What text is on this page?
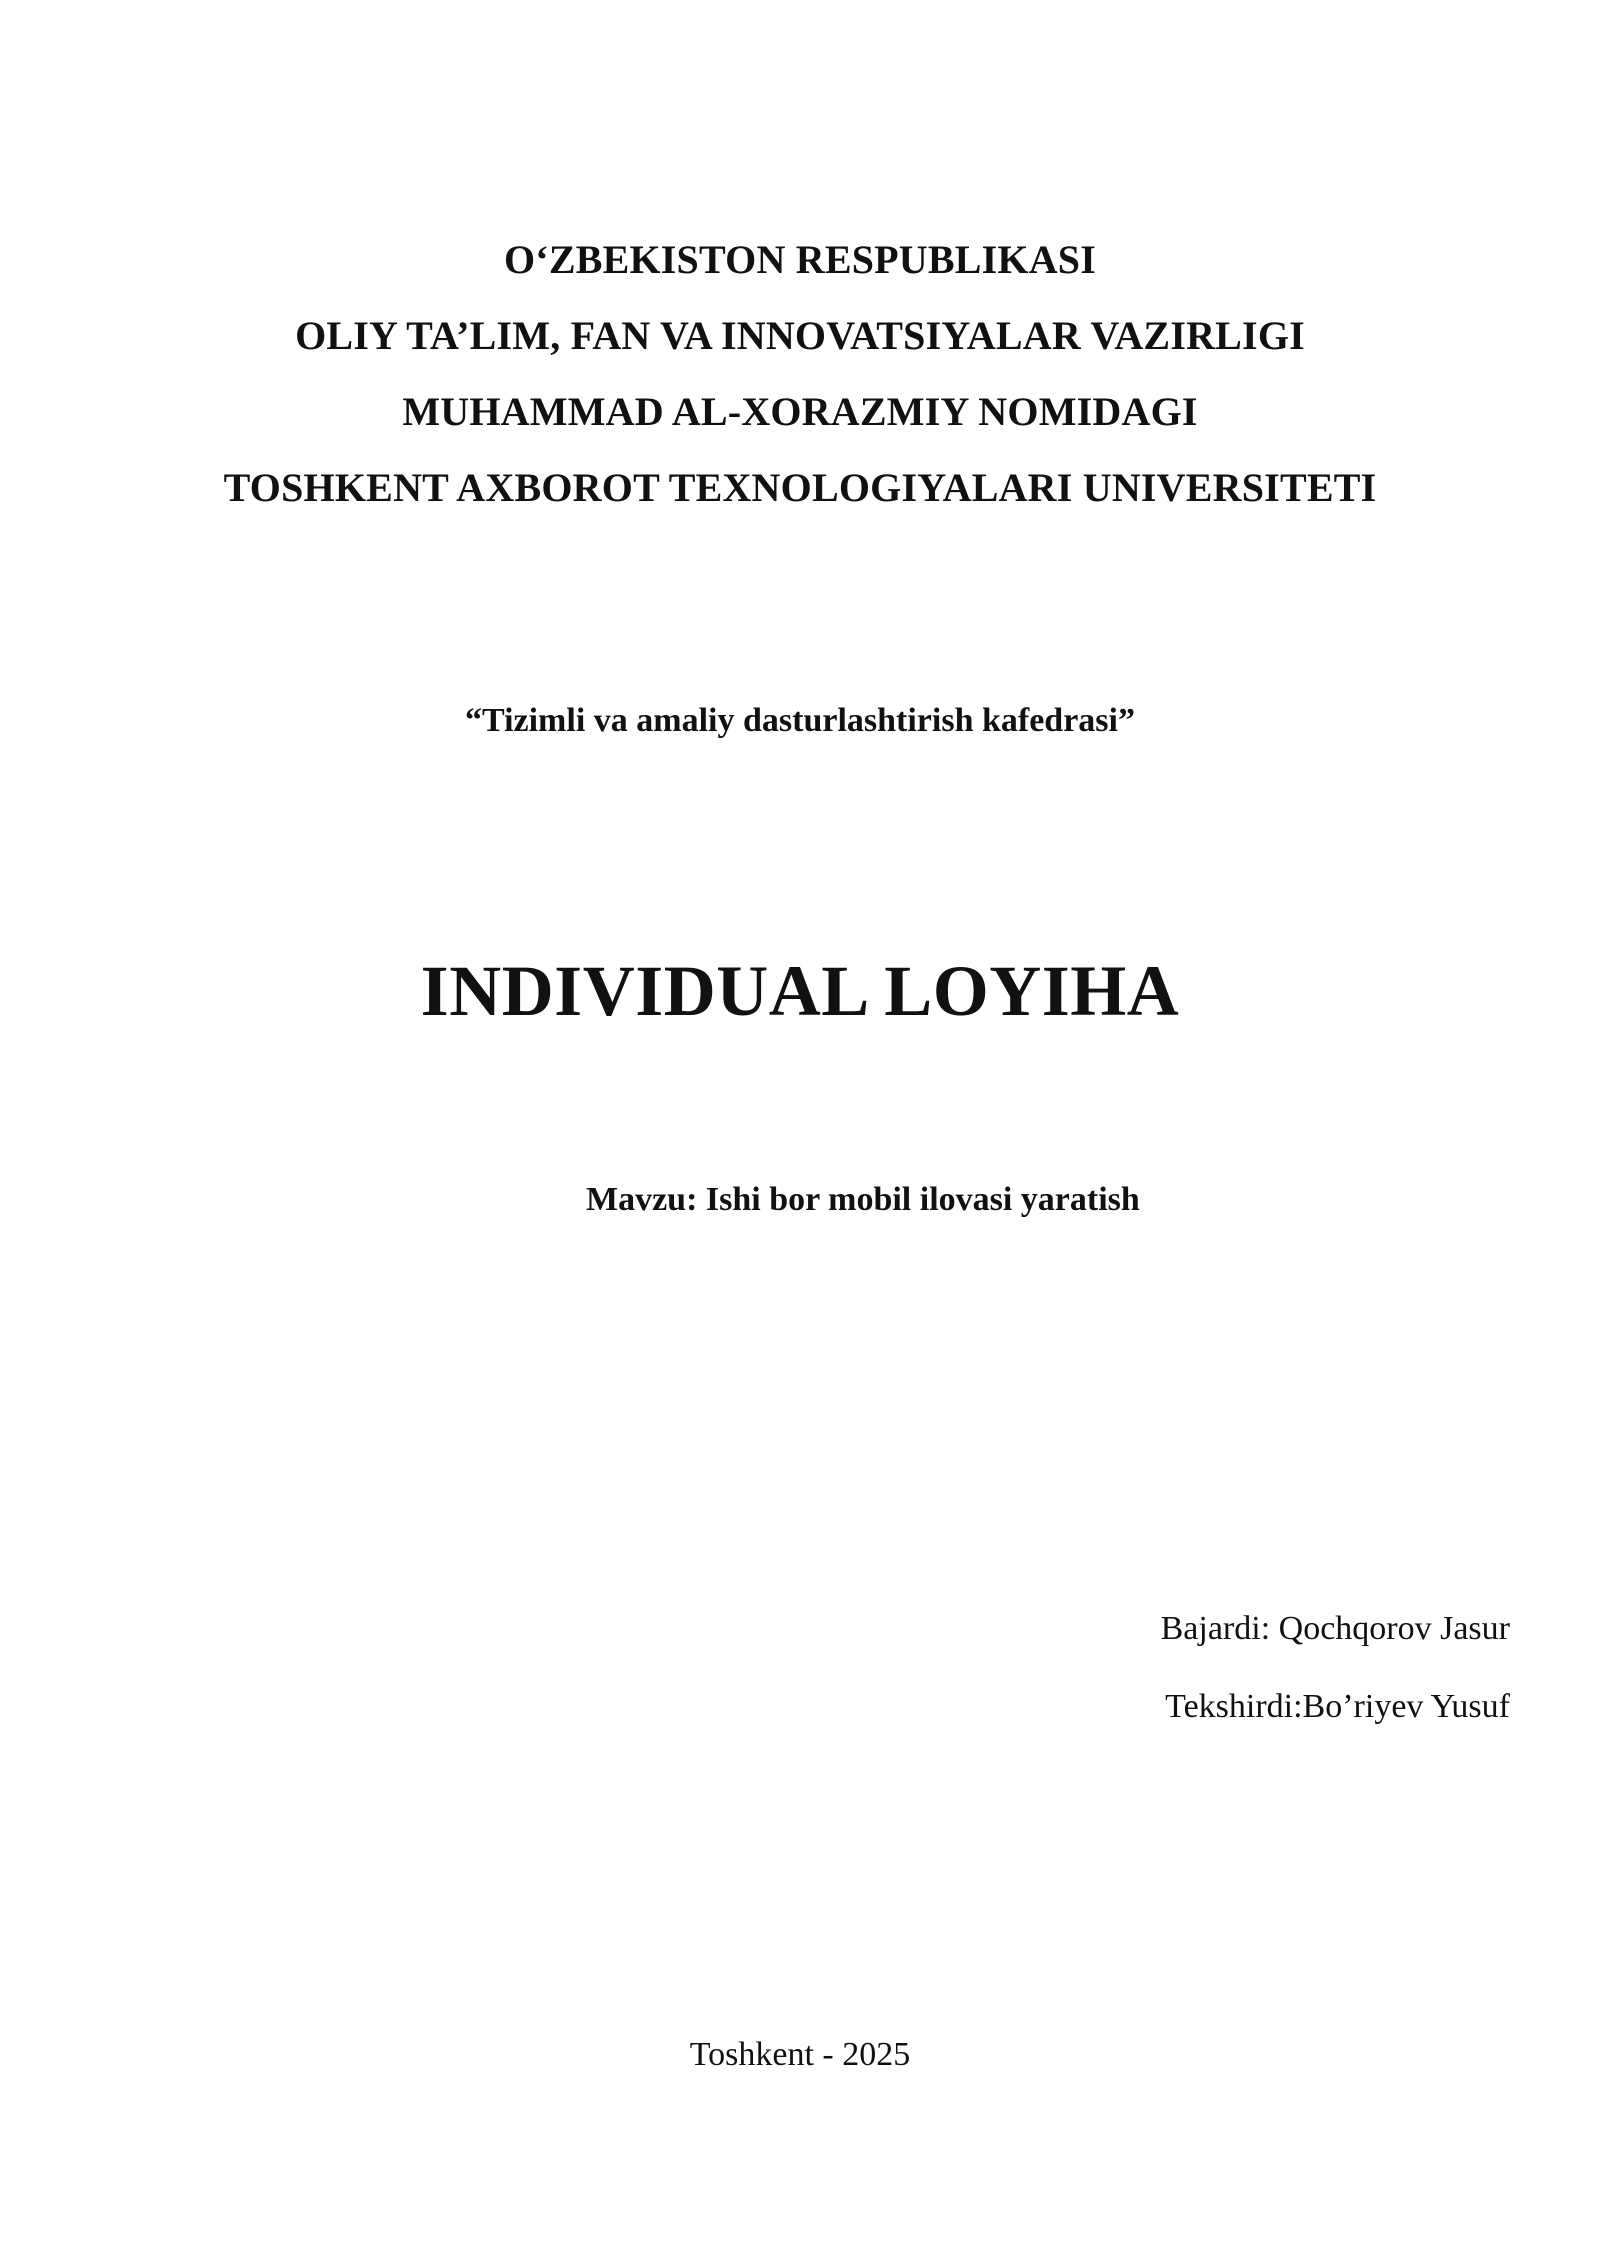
O‘ZBEKISTON RESPUBLIKASI
OLIY TA’LIM, FAN VA INNOVATSIYALAR VAZIRLIGI
MUHAMMAD AL-XORAZMIY NOMIDAGI
TOSHKENT AXBOROT TEXNOLOGIYALARI UNIVERSITETI
“Tizimli va amaliy dasturlashtirish kafedrasi”
INDIVIDUAL LOYIHA
Mavzu: Ishi bor mobil ilovasi yaratish
Bajardi: Qochqorov Jasur
Tekshirdi:Bo’riyev Yusuf
Toshkent - 2025
